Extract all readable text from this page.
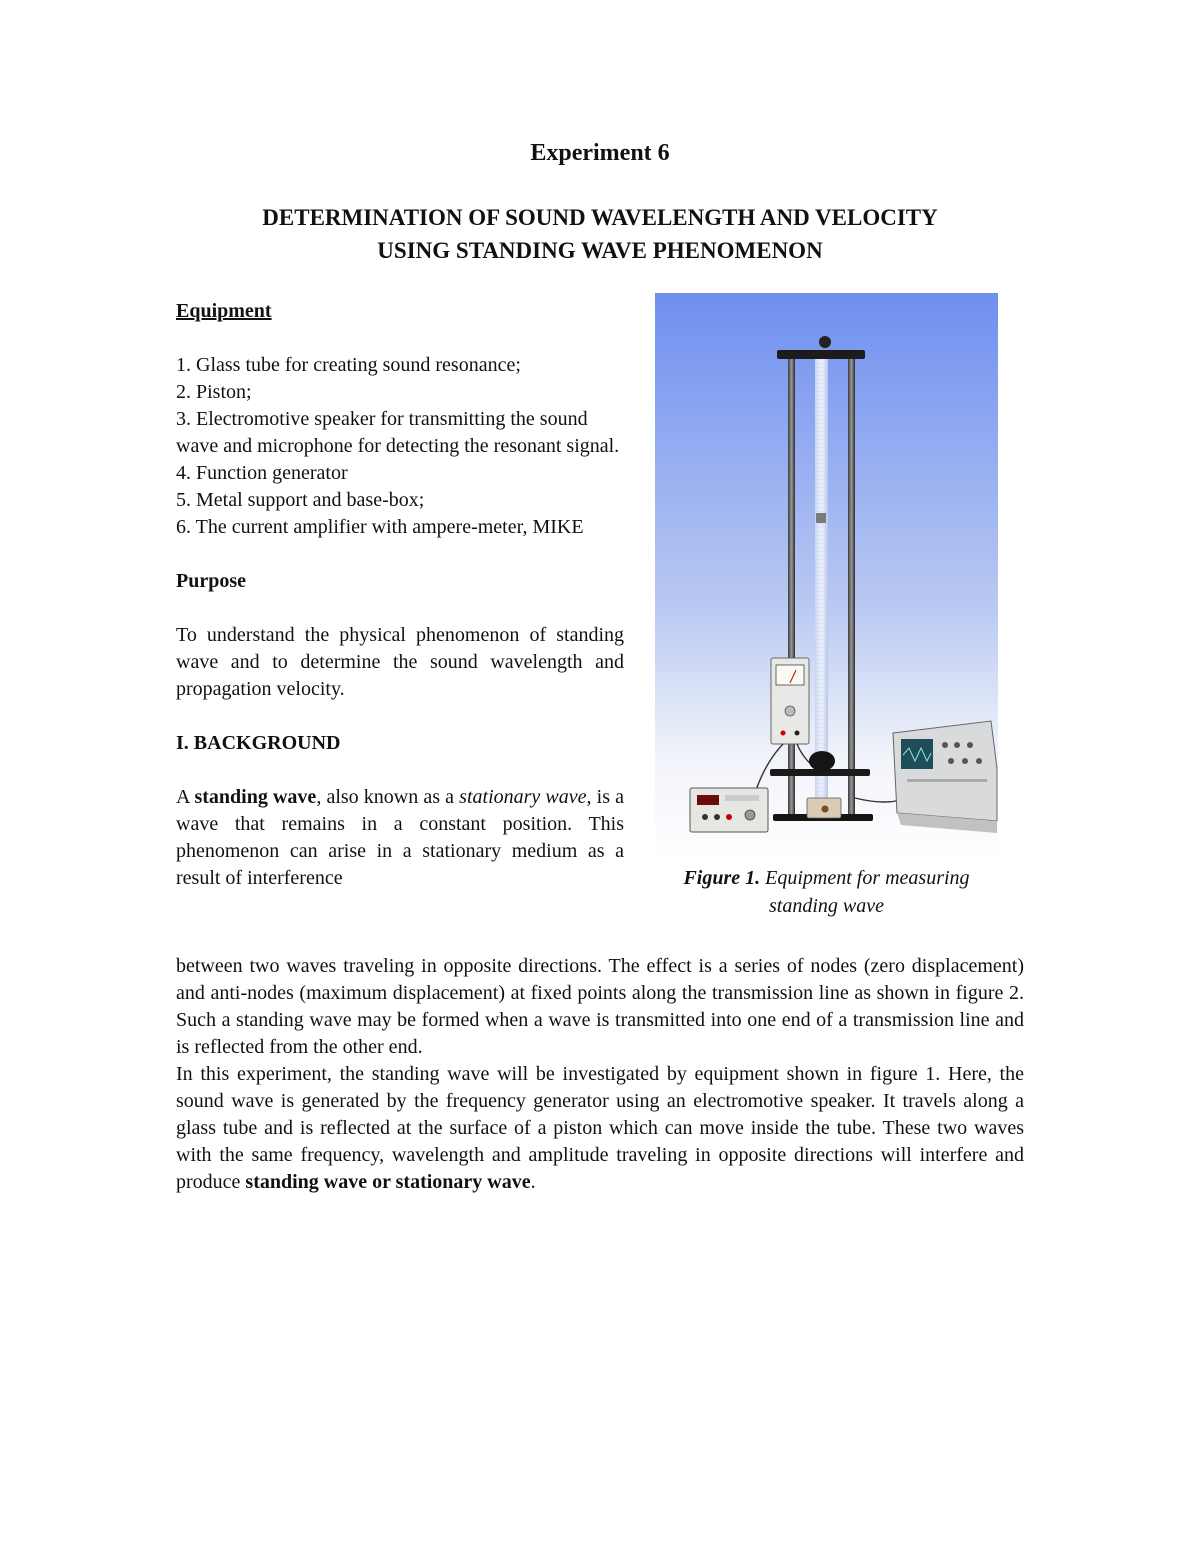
Experiment 6
DETERMINATION OF SOUND WAVELENGTH AND VELOCITY
USING STANDING WAVE PHENOMENON

Equipment

1. Glass tube for creating sound resonance;

2. Piston;

3. Electromotive speaker for transmitting the sound wave and microphone for detecting the resonant signal.

4. Function generator

5. Metal support and base-box;

6. The current amplifier with ampere-meter, MIKE

Purpose

To understand the physical phenomenon of standing wave and to determine the sound wavelength and propagation velocity.

I. BACKGROUND

A standing wave, also known as a stationary wave, is a wave that remains in a constant position. This phenomenon can arise in a stationary medium as a result of interference	Figure 1. Equipment for measuring
standing wave

between two waves traveling in opposite directions. The effect is a series of nodes (zero displacement) and anti-nodes (maximum displacement) at fixed points along the transmission line as shown in figure 2. Such a standing wave may be formed when a wave is transmitted into one end of a transmission line and is reflected from the other end.

In this experiment, the standing wave will be investigated by equipment shown in figure 1. Here, the sound wave is generated by the frequency generator using an electromotive speaker. It travels along a glass tube and is reflected at the surface of a piston which can move inside the tube. These two waves with the same frequency, wavelength and amplitude traveling in opposite directions will interfere and produce standing wave or stationary wave.
